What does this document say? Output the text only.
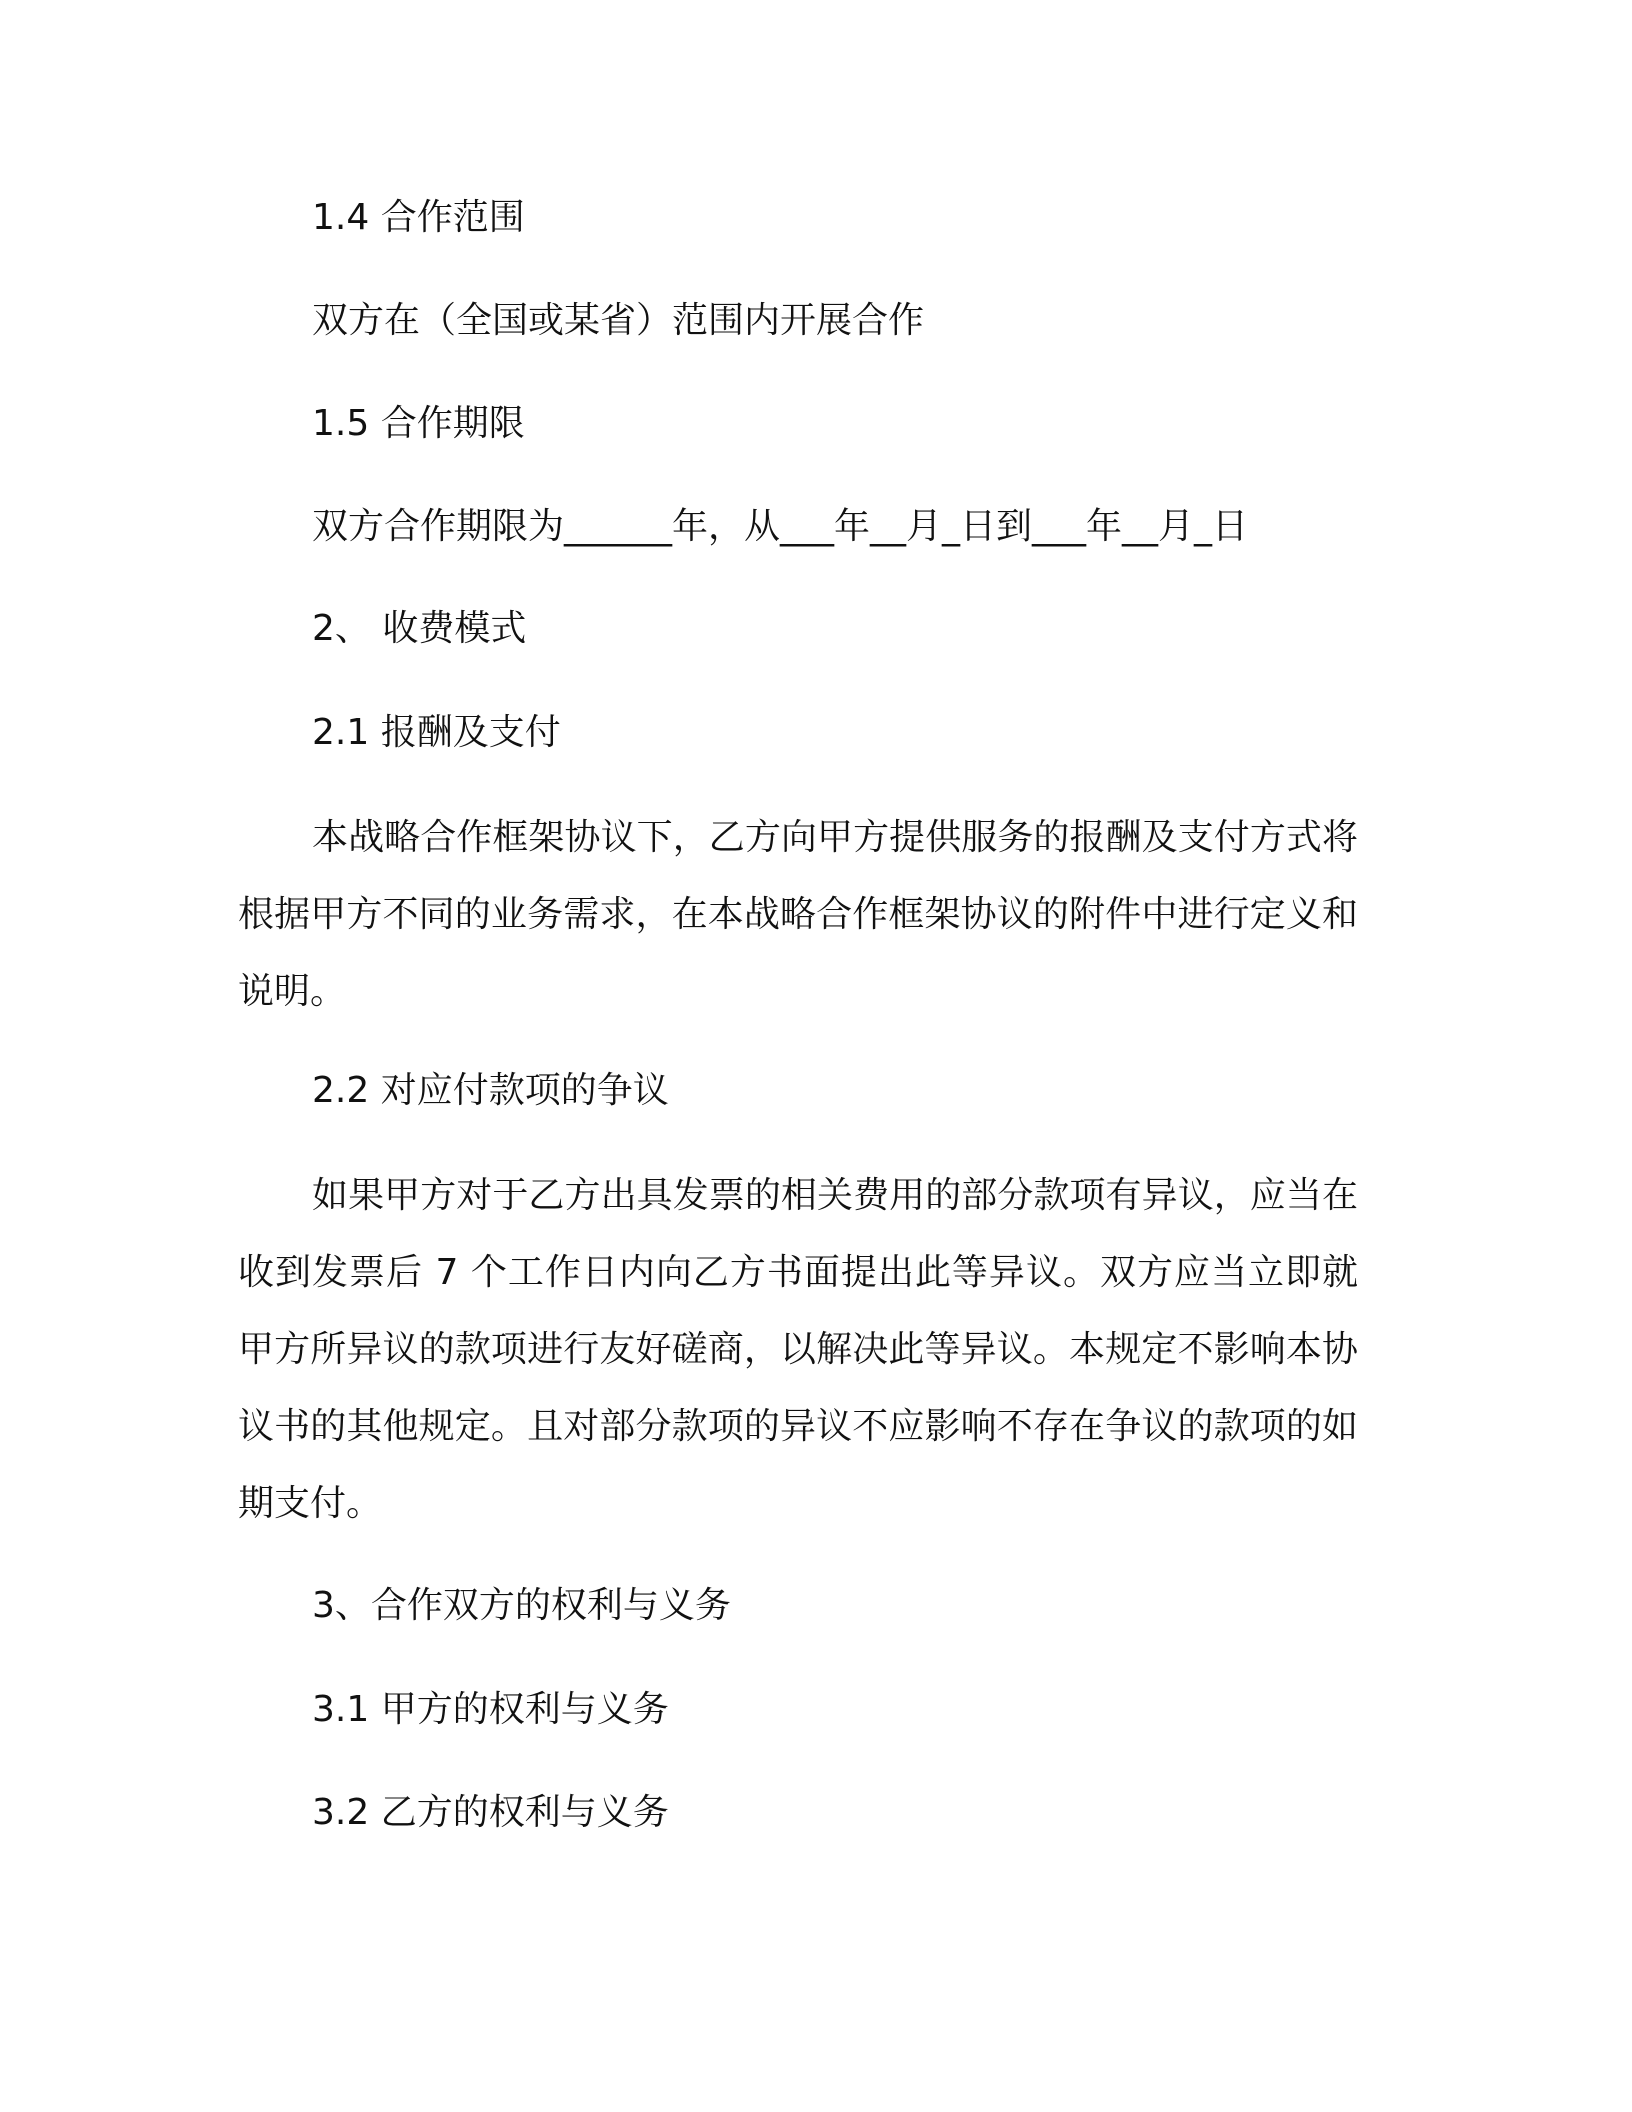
1.4 合作范围
双方在（全国或某省）范围内开展合作
1.5 合作期限
双方合作期限为______年，从___年__月_日到___年__月_日
2、 收费模式
2.1 报酬及支付
本战略合作框架协议下，乙方向甲方提供服务的报酬及支付方式将根据甲方不同的业务需求，在本战略合作框架协议的附件中进行定义和说明。
2.2 对应付款项的争议
如果甲方对于乙方出具发票的相关费用的部分款项有异议，应当在收到发票后 7 个工作日内向乙方书面提出此等异议。双方应当立即就甲方所异议的款项进行友好磋商，以解决此等异议。本规定不影响本协议书的其他规定。且对部分款项的异议不应影响不存在争议的款项的如期支付。
3、合作双方的权利与义务
3.1 甲方的权利与义务
3.2 乙方的权利与义务
